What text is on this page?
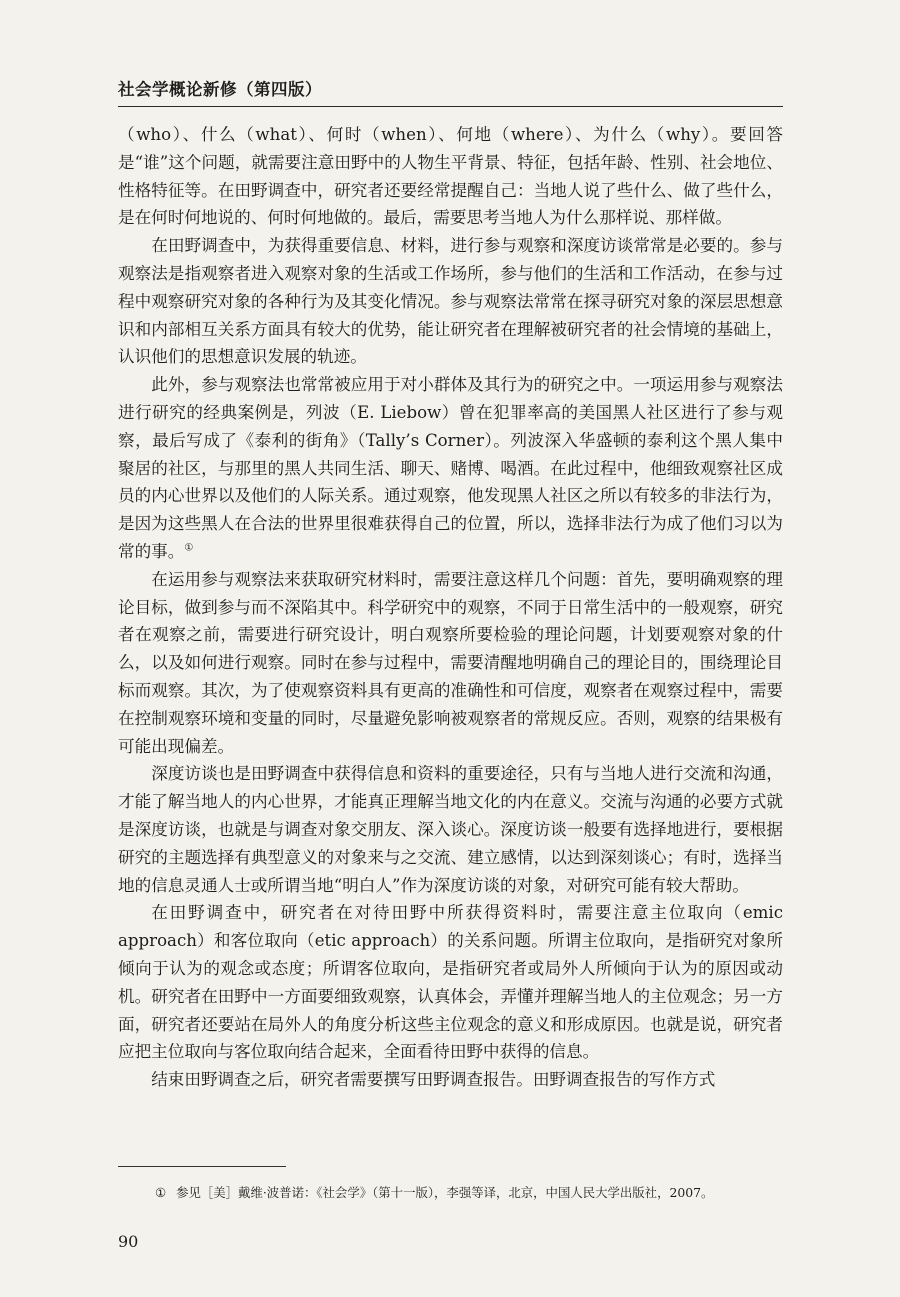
社会学概论新修（第四版）

（who）、什么（what）、何时（when）、何地（where）、为什么（why）。要回答是“谁”这个问题，就需要注意田野中的人物生平背景、特征，包括年龄、性别、社会地位、性格特征等。在田野调查中，研究者还要经常提醒自己：当地人说了些什么、做了些什么，是在何时何地说的、何时何地做的。最后，需要思考当地人为什么那样说、那样做。

在田野调查中，为获得重要信息、材料，进行参与观察和深度访谈常常是必要的。参与观察法是指观察者进入观察对象的生活或工作场所，参与他们的生活和工作活动，在参与过程中观察研究对象的各种行为及其变化情况。参与观察法常常在探寻研究对象的深层思想意识和内部相互关系方面具有较大的优势，能让研究者在理解被研究者的社会情境的基础上，认识他们的思想意识发展的轨迹。

此外，参与观察法也常常被应用于对小群体及其行为的研究之中。一项运用参与观察法进行研究的经典案例是，列波（E. Liebow）曾在犯罪率高的美国黑人社区进行了参与观察，最后写成了《泰利的街角》（Tally’s Corner）。列波深入华盛顿的泰利这个黑人集中聚居的社区，与那里的黑人共同生活、聊天、赌博、喝酒。在此过程中，他细致观察社区成员的内心世界以及他们的人际关系。通过观察，他发现黑人社区之所以有较多的非法行为，是因为这些黑人在合法的世界里很难获得自己的位置，所以，选择非法行为成了他们习以为常的事。①

在运用参与观察法来获取研究材料时，需要注意这样几个问题：首先，要明确观察的理论目标，做到参与而不深陷其中。科学研究中的观察，不同于日常生活中的一般观察，研究者在观察之前，需要进行研究设计，明白观察所要检验的理论问题，计划要观察对象的什么，以及如何进行观察。同时在参与过程中，需要清醒地明确自己的理论目的，围绕理论目标而观察。其次，为了使观察资料具有更高的准确性和可信度，观察者在观察过程中，需要在控制观察环境和变量的同时，尽量避免影响被观察者的常规反应。否则，观察的结果极有可能出现偏差。

深度访谈也是田野调查中获得信息和资料的重要途径，只有与当地人进行交流和沟通，才能了解当地人的内心世界，才能真正理解当地文化的内在意义。交流与沟通的必要方式就是深度访谈，也就是与调查对象交朋友、深入谈心。深度访谈一般要有选择地进行，要根据研究的主题选择有典型意义的对象来与之交流、建立感情，以达到深刻谈心；有时，选择当地的信息灵通人士或所谓当地“明白人”作为深度访谈的对象，对研究可能有较大帮助。

在田野调查中，研究者在对待田野中所获得资料时，需要注意主位取向（emic approach）和客位取向（etic approach）的关系问题。所谓主位取向，是指研究对象所倾向于认为的观念或态度；所谓客位取向，是指研究者或局外人所倾向于认为的原因或动机。研究者在田野中一方面要细致观察，认真体会，弄懂并理解当地人的主位观念；另一方面，研究者还要站在局外人的角度分析这些主位观念的意义和形成原因。也就是说，研究者应把主位取向与客位取向结合起来，全面看待田野中获得的信息。

结束田野调查之后，研究者需要撰写田野调查报告。田野调查报告的写作方式

① 参见［美］戴维·波普诺：《社会学》（第十一版），李强等译，北京，中国人民大学出版社，2007。
90
